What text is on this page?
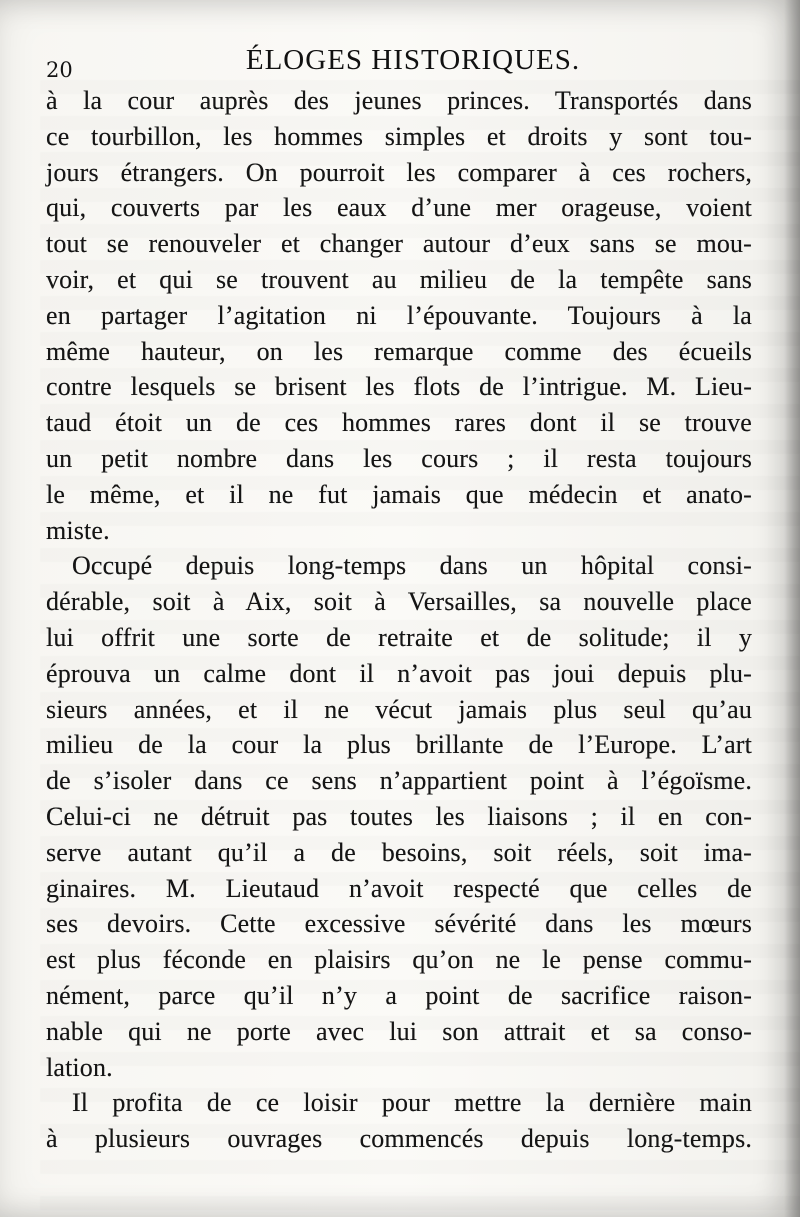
20	ÉLOGES HISTORIQUES.
à la cour auprès des jeunes princes. Transportés dans
ce tourbillon, les hommes simples et droits y sont tou-
jours étrangers. On pourroit les comparer à ces rochers,
qui, couverts par les eaux d’une mer orageuse, voient
tout se renouveler et changer autour d’eux sans se mou-
voir, et qui se trouvent au milieu de la tempête sans
en partager l’agitation ni l’épouvante. Toujours à la
même hauteur, on les remarque comme des écueils
contre lesquels se brisent les flots de l’intrigue. M. Lieu-
taud étoit un de ces hommes rares dont il se trouve
un petit nombre dans les cours ; il resta toujours
le même, et il ne fut jamais que médecin et anato-
miste.
Occupé depuis long-temps dans un hôpital consi-
dérable, soit à Aix, soit à Versailles, sa nouvelle place
lui offrit une sorte de retraite et de solitude; il y
éprouva un calme dont il n’avoit pas joui depuis plu-
sieurs années, et il ne vécut jamais plus seul qu’au
milieu de la cour la plus brillante de l’Europe. L’art
de s’isoler dans ce sens n’appartient point à l’égoïsme.
Celui-ci ne détruit pas toutes les liaisons ; il en con-
serve autant qu’il a de besoins, soit réels, soit ima-
ginaires. M. Lieutaud n’avoit respecté que celles de
ses devoirs. Cette excessive sévérité dans les mœurs
est plus féconde en plaisirs qu’on ne le pense commu-
nément, parce qu’il n’y a point de sacrifice raison-
nable qui ne porte avec lui son attrait et sa conso-
lation.
Il profita de ce loisir pour mettre la dernière main
à plusieurs ouvrages commencés depuis long-temps.
